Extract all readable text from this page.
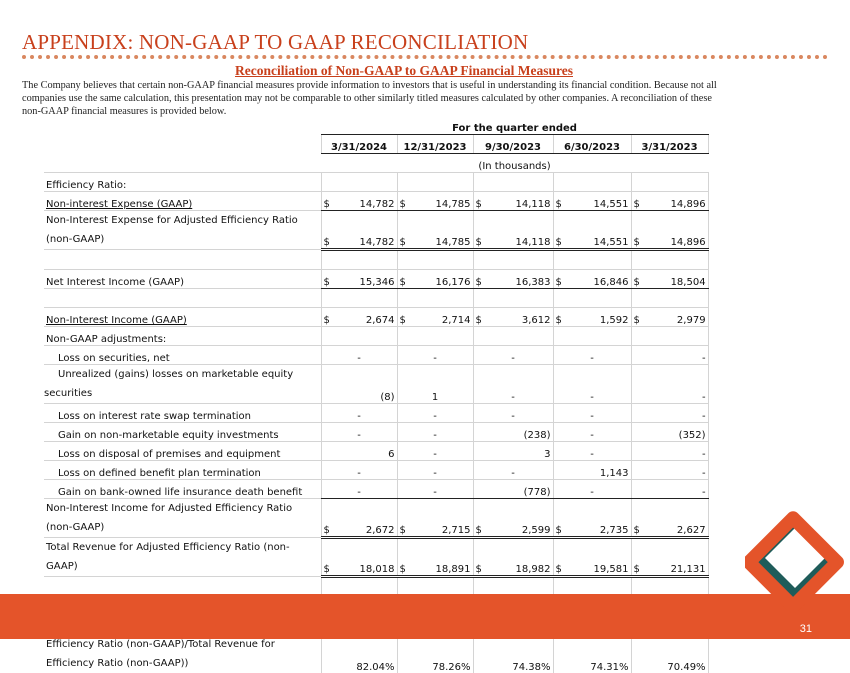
APPENDIX: NON-GAAP TO GAAP RECONCILIATION
Reconciliation of Non-GAAP to GAAP Financial Measures
The Company believes that certain non-GAAP financial measures provide information to investors that is useful in understanding its financial condition. Because not all companies use the same calculation, this presentation may not be comparable to other similarly titled measures calculated by other companies. A reconciliation of these non-GAAP financial measures is provided below.
	For the quarter ended				
	3/31/2024	12/31/2023	9/30/2023	6/30/2023	3/31/2023
	(In thousands)				
Efficiency Ratio:					
Non-interest Expense (GAAP)	$ 14,782	$ 14,785	$ 14,118	$ 14,551	$ 14,896
Non-Interest Expense for Adjusted Efficiency Ratio (non-GAAP)	$ 14,782	$ 14,785	$ 14,118	$ 14,551	$ 14,896

Net Interest Income (GAAP)	$ 15,346	$ 16,176	$ 16,383	$ 16,846	$ 18,504

Non-Interest Income (GAAP)	$ 2,674	$ 2,714	$ 3,612	$ 1,592	$ 2,979
Non-GAAP adjustments:					
Loss on securities, net	-	-	-	-	-
Unrealized (gains) losses on marketable equity securities	(8)	1	-	-	-
Loss on interest rate swap termination	-	-	-	-	-
Gain on non-marketable equity investments	-	-	(238)	-	(352)
Loss on disposal of premises and equipment	6	-	3	-	-
Loss on defined benefit plan termination	-	-	-	1,143	-
Gain on bank-owned life insurance death benefit	-	-	(778)	-	-
Non-Interest Income for Adjusted Efficiency Ratio (non-GAAP)	$ 2,672	$ 2,715	$ 2,599	$ 2,735	$ 2,627
Total Revenue for Adjusted Efficiency Ratio (non-GAAP)	$ 18,018	$ 18,891	$ 18,982	$ 19,581	$ 21,131

Efficiency Ratio (non-GAAP)/Total Revenue for Efficiency Ratio (non-GAAP))	82.04%	78.26%	74.38%	74.31%	70.49%
31
